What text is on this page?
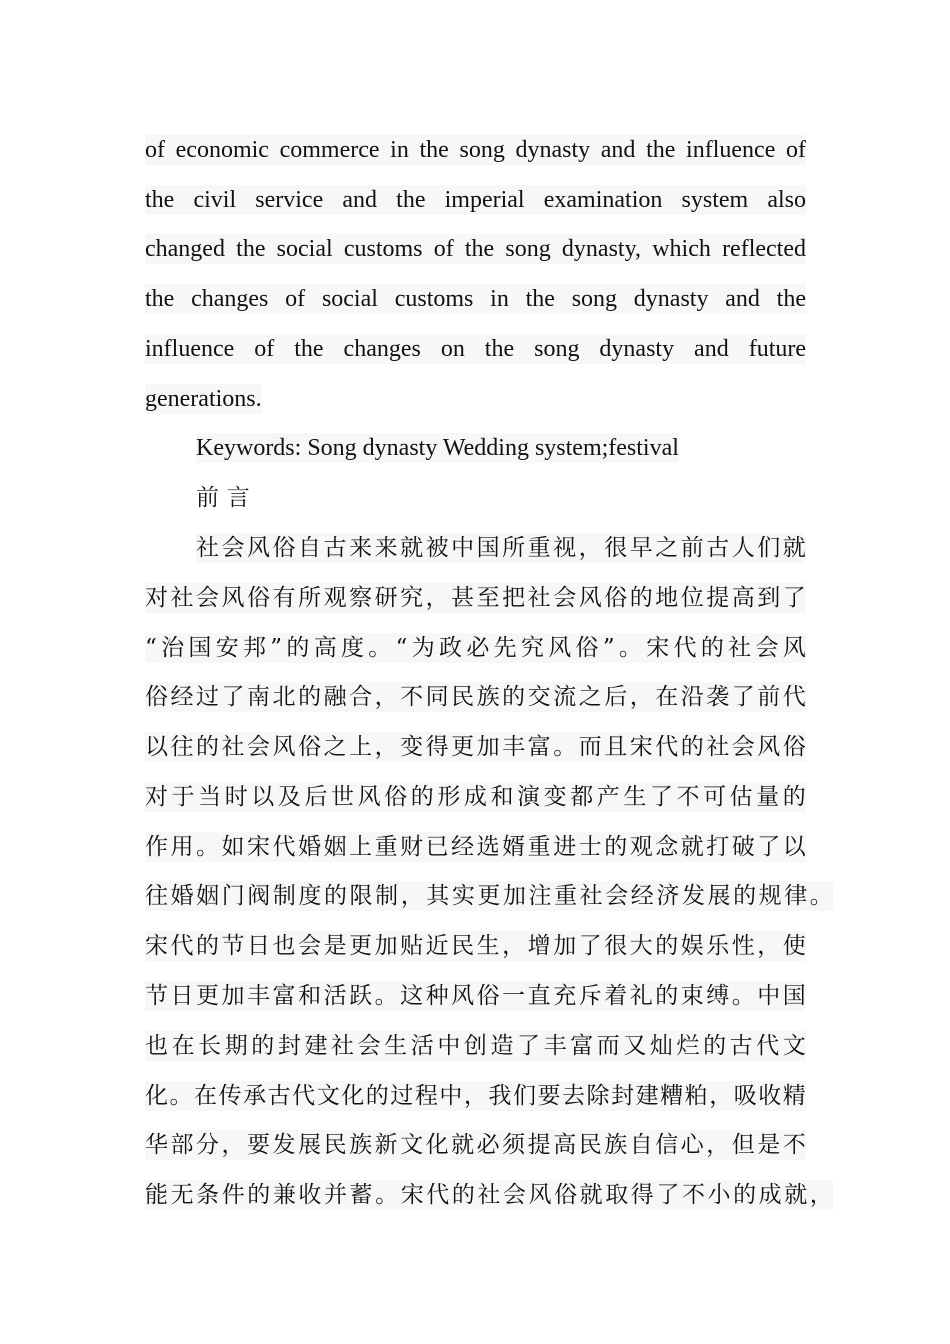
of economic commerce in the song dynasty and the influence of
the civil service and the imperial examination system also
changed the social customs of the song dynasty, which reflected
the changes of social customs in the song dynasty and the
influence of the changes on the song dynasty and future
generations.
Keywords: Song dynasty Wedding system;festival
前 言
社会风俗自古来来就被中国所重视，很早之前古人们就
对社会风俗有所观察研究，甚至把社会风俗的地位提高到了
“治国安邦”的高度。“为政必先究风俗”。宋代的社会风
俗经过了南北的融合，不同民族的交流之后，在沿袭了前代
以往的社会风俗之上，变得更加丰富。而且宋代的社会风俗
对于当时以及后世风俗的形成和演变都产生了不可估量的
作用。如宋代婚姻上重财已经选婿重进士的观念就打破了以
往婚姻门阀制度的限制，其实更加注重社会经济发展的规律。
宋代的节日也会是更加贴近民生，增加了很大的娱乐性，使
节日更加丰富和活跃。这种风俗一直充斥着礼的束缚。中国
也在长期的封建社会生活中创造了丰富而又灿烂的古代文
化。在传承古代文化的过程中，我们要去除封建糟粕，吸收精
华部分，要发展民族新文化就必须提高民族自信心，但是不
能无条件的兼收并蓄。宋代的社会风俗就取得了不小的成就，
